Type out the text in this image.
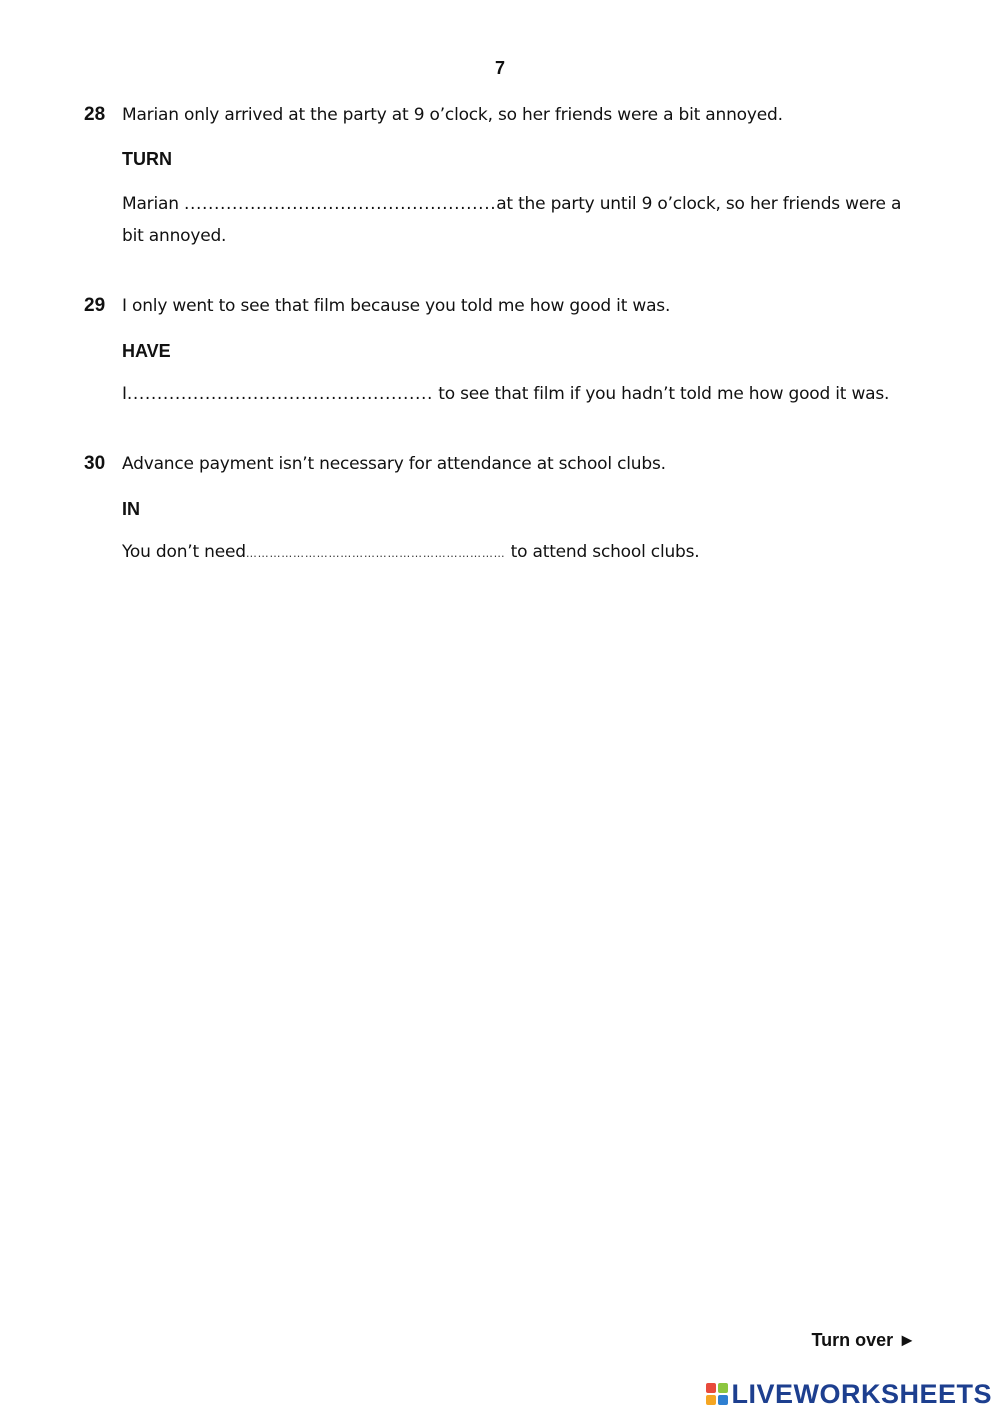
7
28 Marian only arrived at the party at 9 o’clock, so her friends were a bit annoyed.
TURN
Marian ....................................................at the party until 9 o’clock, so her friends were a bit annoyed.
29 I only went to see that film because you told me how good it was.
HAVE
I................................................... to see that film if you hadn’t told me how good it was.
30 Advance payment isn’t necessary for attendance at school clubs.
IN
You don’t need………………………………………………………… to attend school clubs.
Turn over ►
LIVEWORKSHEETS
